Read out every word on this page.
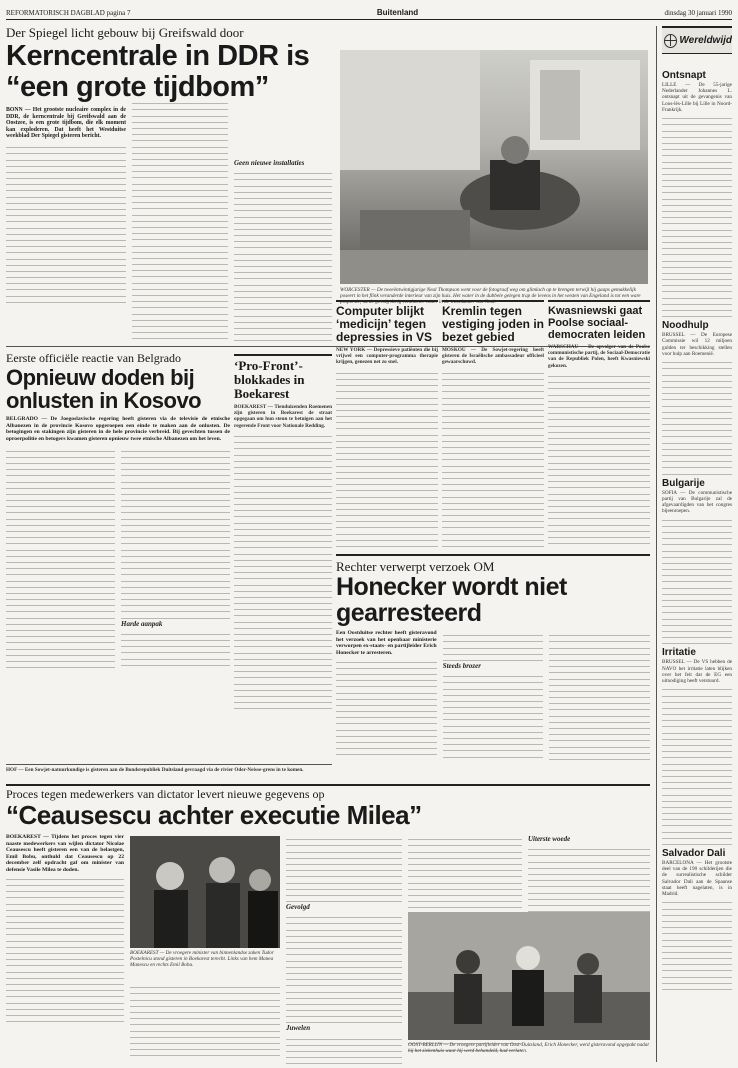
REFORMATORISCH DAGBLAD pagina 7	Buitenland	dinsdag 30 januari 1990
Der Spiegel licht gebouw bij Greifswald door
Kerncentrale in DDR is “een grote tijdbom”
BONN — Het grootste nucleaire complex in de DDR, de kerncentrale bij Greifswald aan de Oostzee, is een grote tijdbom, die elk moment kan exploderen. Dat heeft het Westduitse weekblad Der Spiegel gisteren bericht.
Geen nieuwe installaties
WORCESTER — De tweeëntwintigjarige Neal Thompson went voor de fotograaf weg om glimlach op te brengen terwijl hij gaaps gemakkelijk poseert in het flink veranderde interieur van zijn huis. Het water in de dubbele gelegen trap de levens in het westen van Engeland is tot een ware proporsie, nu de gevolg derig centimeter water in de woonkamer van Neal.
Wereldwijd
Ontsnapt
LILLE — De 55-jarige Nederlander Johannes L. ontsnapt uit de gevangenis van Loos-lès-Lille bij Lille in Noord-Frankrijk.
Noodhulp
BRUSSEL — De Europese Commissie wil 12 miljoen gulden ter beschikking stellen voor hulp aan Roemenië.
Bulgarije
SOFIA — De communistische partij van Bulgarije zal de afgevaardigden van het congres bijeenroepen.
Irritatie
BRUSSEL — De VS hebben de NAVO het irritatie laten blijken over het feit dat de EG een uitnodiging heeft verstuurd.
Salvador Dali
BARCELONA — Het grootste deel van de 190 schilderijen die de surrealistische schilder Salvador Dali aan de Spaanse staat heeft nagelaten, is in Madrid.
Eerste officiële reactie van Belgrado
Opnieuw doden bij onlusten in Kosovo
BELGRADO — De Joegoslavische regering heeft gisteren via de televisie de etnische Albanezen in de provincie Kosovo opgeroepen een einde te maken aan de onlusten. De betogingen en stakingen zijn gisteren in de hele provincie verbreid. Bij gevechten tussen de oproerpolitie en betogers kwamen gisteren opnieuw twee etnische Albanezen om het leven.
Harde aanpak
‘Pro-Front’-blokkades in Boekarest
BOEKAREST — Tienduizenden Roemenen zijn gisteren in Boekarest de straat opgegaan om hun steun te betuigen aan het regerende Front voor Nationale Redding.
Computer blijkt ‘medicijn’ tegen depressies in VS
NEW YORK — Depressieve patiënten die bij vrijwel een computer-programma therapie krijgen, genezen net zo snel.
Kremlin tegen vestiging joden in bezet gebied
MOSKOU — De Sowjet-regering heeft gisteren de Israëlische ambassadeur officieel gewaarschuwd.
Kwasniewski gaat Poolse sociaal-democraten leiden
WARSCHAU — De opvolger van de Poolse communistische partij, de Sociaal-Democratie van de Republiek Polen, heeft Kwasniewski gekozen.
Rechter verwerpt verzoek OM
Honecker wordt niet gearresteerd
Een Oostduitse rechter heeft gisteravond het verzoek van het openbaar ministerie verworpen ex-staats- en partijleider Erich Honecker te arresteren.
Steeds brozer
HOF — Een Sowjet-natuurkundige is gisteren aan de Bondsrepubliek Duitsland gevraagd via de rivier Oder-Neisse-grens in te komen.
Proces tegen medewerkers van dictator levert nieuwe gegevens op
“Ceausescu achter executie Milea”
BOEKAREST — Tijdens het proces tegen vier naaste medewerkers van wijlen dictator Nicolae Ceausescu heeft gisteren een van de belastgen, Emil Bobu, onthuld dat Ceausescu op 22 december zelf opdracht gaf om minister van defensie Vasile Milea te doden.
BOEKAREST — De vroegere minister van binnenlandse zaken Tudor Postelnicu stond gisteren in Boekarest terecht. Links van hem Manea Manescu en rechts Emil Bobu.
Gevolgd
Juwelen
OOST-BERLIJN — De vroegere partijleider van Oost-Duitsland, Erich Honecker, werd gisteravond opgepakt nadat hij het ziekenhuis waar hij werd behandeld, had verlaten.
Uiterste woede
